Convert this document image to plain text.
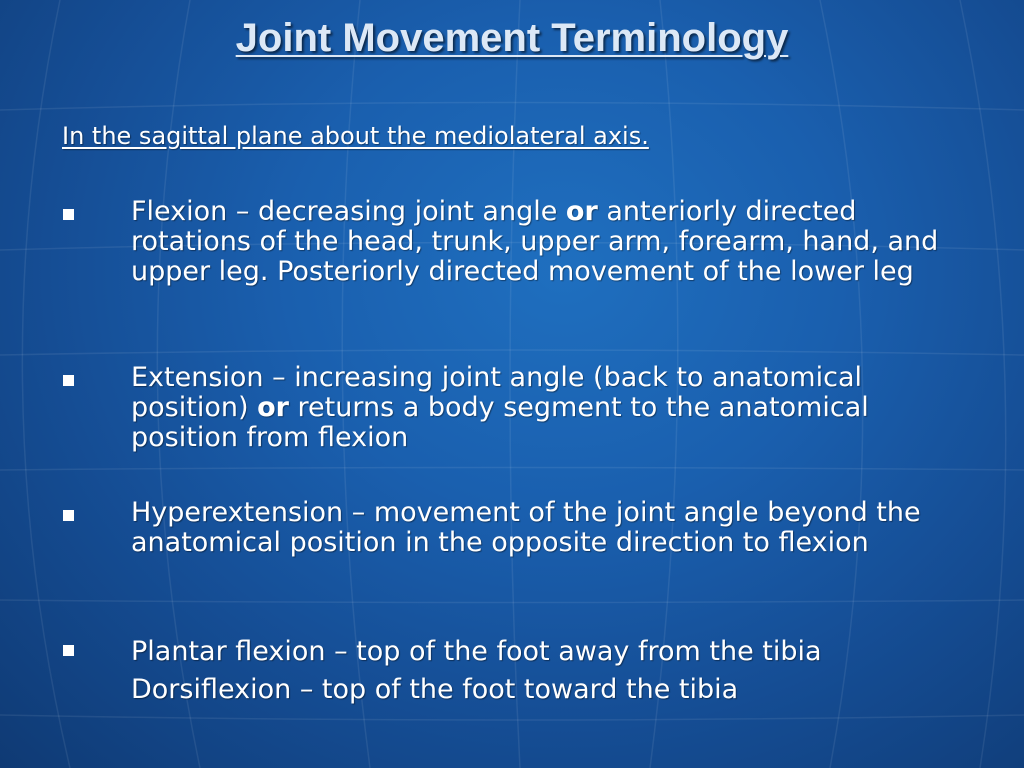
Joint Movement Terminology
In the sagittal plane about the mediolateral axis.
Flexion – decreasing joint angle or anteriorly directed rotations of the head, trunk, upper arm, forearm, hand, and upper leg. Posteriorly directed movement of the lower leg
Extension – increasing joint angle (back to anatomical position) or returns a body segment to the anatomical position from flexion
Hyperextension – movement of the joint angle beyond the anatomical position in the opposite direction to flexion
Plantar flexion – top of the foot away from the tibia
Dorsiflexion – top of the foot toward the tibia
